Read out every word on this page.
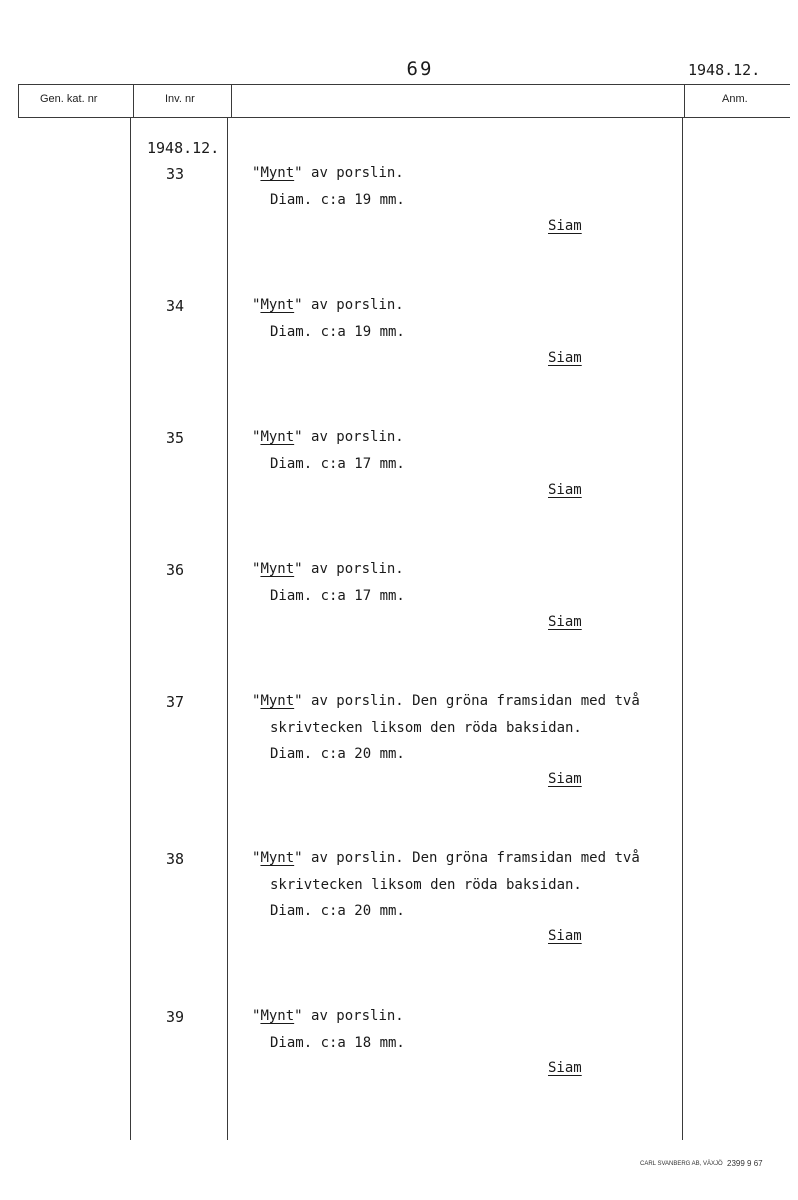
69	1948.12.
Gen. kat. nr	Inv. nr	Anm.
1948.12.
33	"Mynt" av porslin.
Diam. c:a 19 mm.
Siam
34	"Mynt" av porslin.
Diam. c:a 19 mm.
Siam
35	"Mynt" av porslin.
Diam. c:a 17 mm.
Siam
36	"Mynt" av porslin.
Diam. c:a 17 mm.
Siam
37	"Mynt" av porslin. Den gröna framsidan med två
skrivtecken liksom den röda baksidan.
Diam. c:a 20 mm.
Siam
38	"Mynt" av porslin. Den gröna framsidan med två
skrivtecken liksom den röda baksidan.
Diam. c:a 20 mm.
Siam
39	"Mynt" av porslin.
Diam. c:a 18 mm.
Siam
CARL SVANBERG AB, VÄXJÖ 2399 9 67
